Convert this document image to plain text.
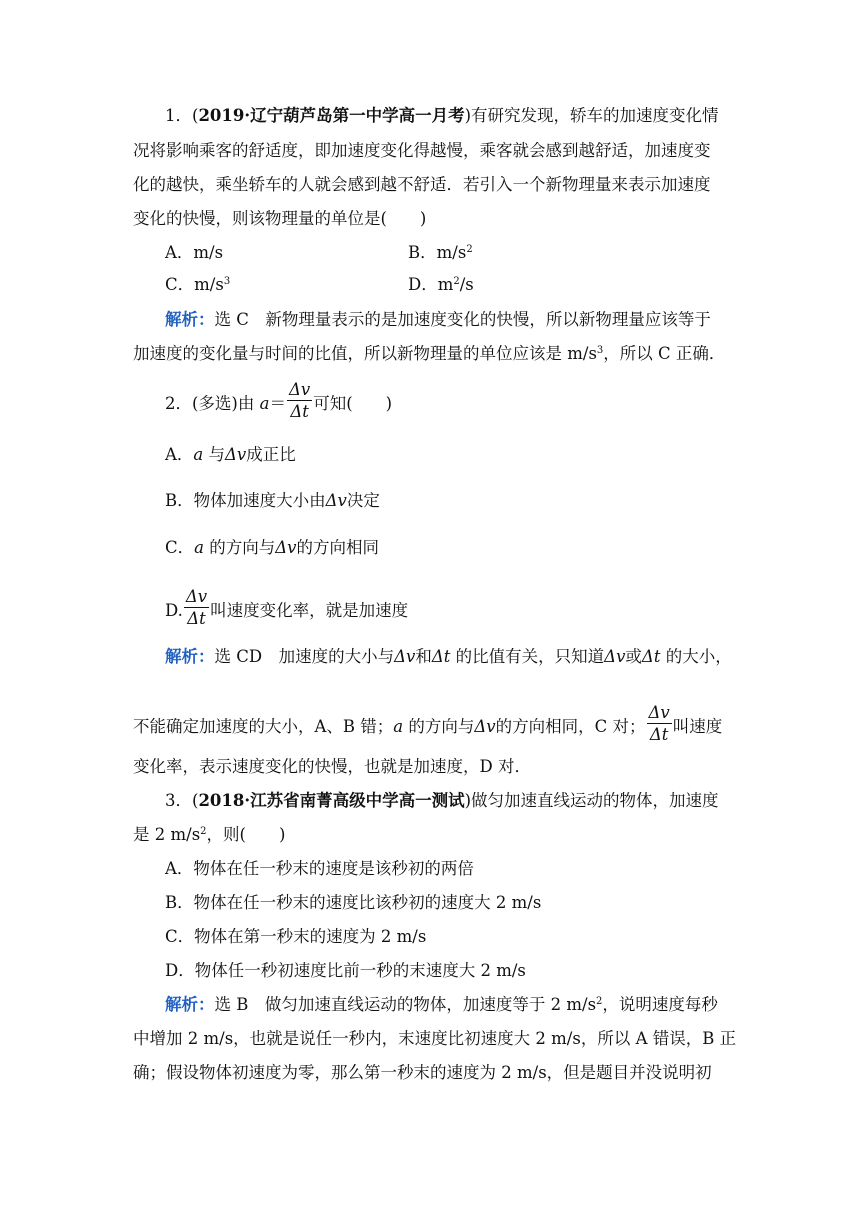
1．(2019·辽宁葫芦岛第一中学高一月考)有研究发现，轿车的加速度变化情
况将影响乘客的舒适度，即加速度变化得越慢，乘客就会感到越舒适，加速度变
化的越快，乘坐轿车的人就会感到越不舒适．若引入一个新物理量来表示加速度
变化的快慢，则该物理量的单位是(　　)
A．m/s	B．$m/s^2$
C．$m/s^3$	D．$m^2/s$
解析：选 C　新物理量表示的是加速度变化的快慢，所以新物理量应该等于
加速度的变化量与时间的比值，所以新物理量的单位应该是 $m/s^3$，所以 C 正确．
2．(多选)由 $a= \frac{\Delta v}{\Delta t}$ 可知(　　)
A．a 与Δv成正比
B．物体加速度大小由Δv决定
C．a 的方向与Δv的方向相同
D. $\frac{\Delta v}{\Delta t}$ 叫速度变化率，就是加速度
解析：选 CD　加速度的大小与Δv和Δt 的比值有关，只知道Δv或Δt 的大小，
不能确定加速度的大小，A、B 错；a 的方向与Δv的方向相同，C 对； $\frac{\Delta v}{\Delta t}$ 叫速度
变化率，表示速度变化的快慢，也就是加速度，D 对．
3．(2018·江苏省南菁高级中学高一测试)做匀加速直线运动的物体，加速度
是 2 $m/s^2$，则(　　)
A．物体在任一秒末的速度是该秒初的两倍
B．物体在任一秒末的速度比该秒初的速度大 2 m/s
C．物体在第一秒末的速度为 2 m/s
D．物体任一秒初速度比前一秒的末速度大 2 m/s
解析：选 B　做匀加速直线运动的物体，加速度等于 2 $m/s^2$，说明速度每秒
中增加 2 m/s，也就是说任一秒内，末速度比初速度大 2 m/s，所以 A 错误，B 正
确；假设物体初速度为零，那么第一秒末的速度为 2 m/s，但是题目并没说明初
